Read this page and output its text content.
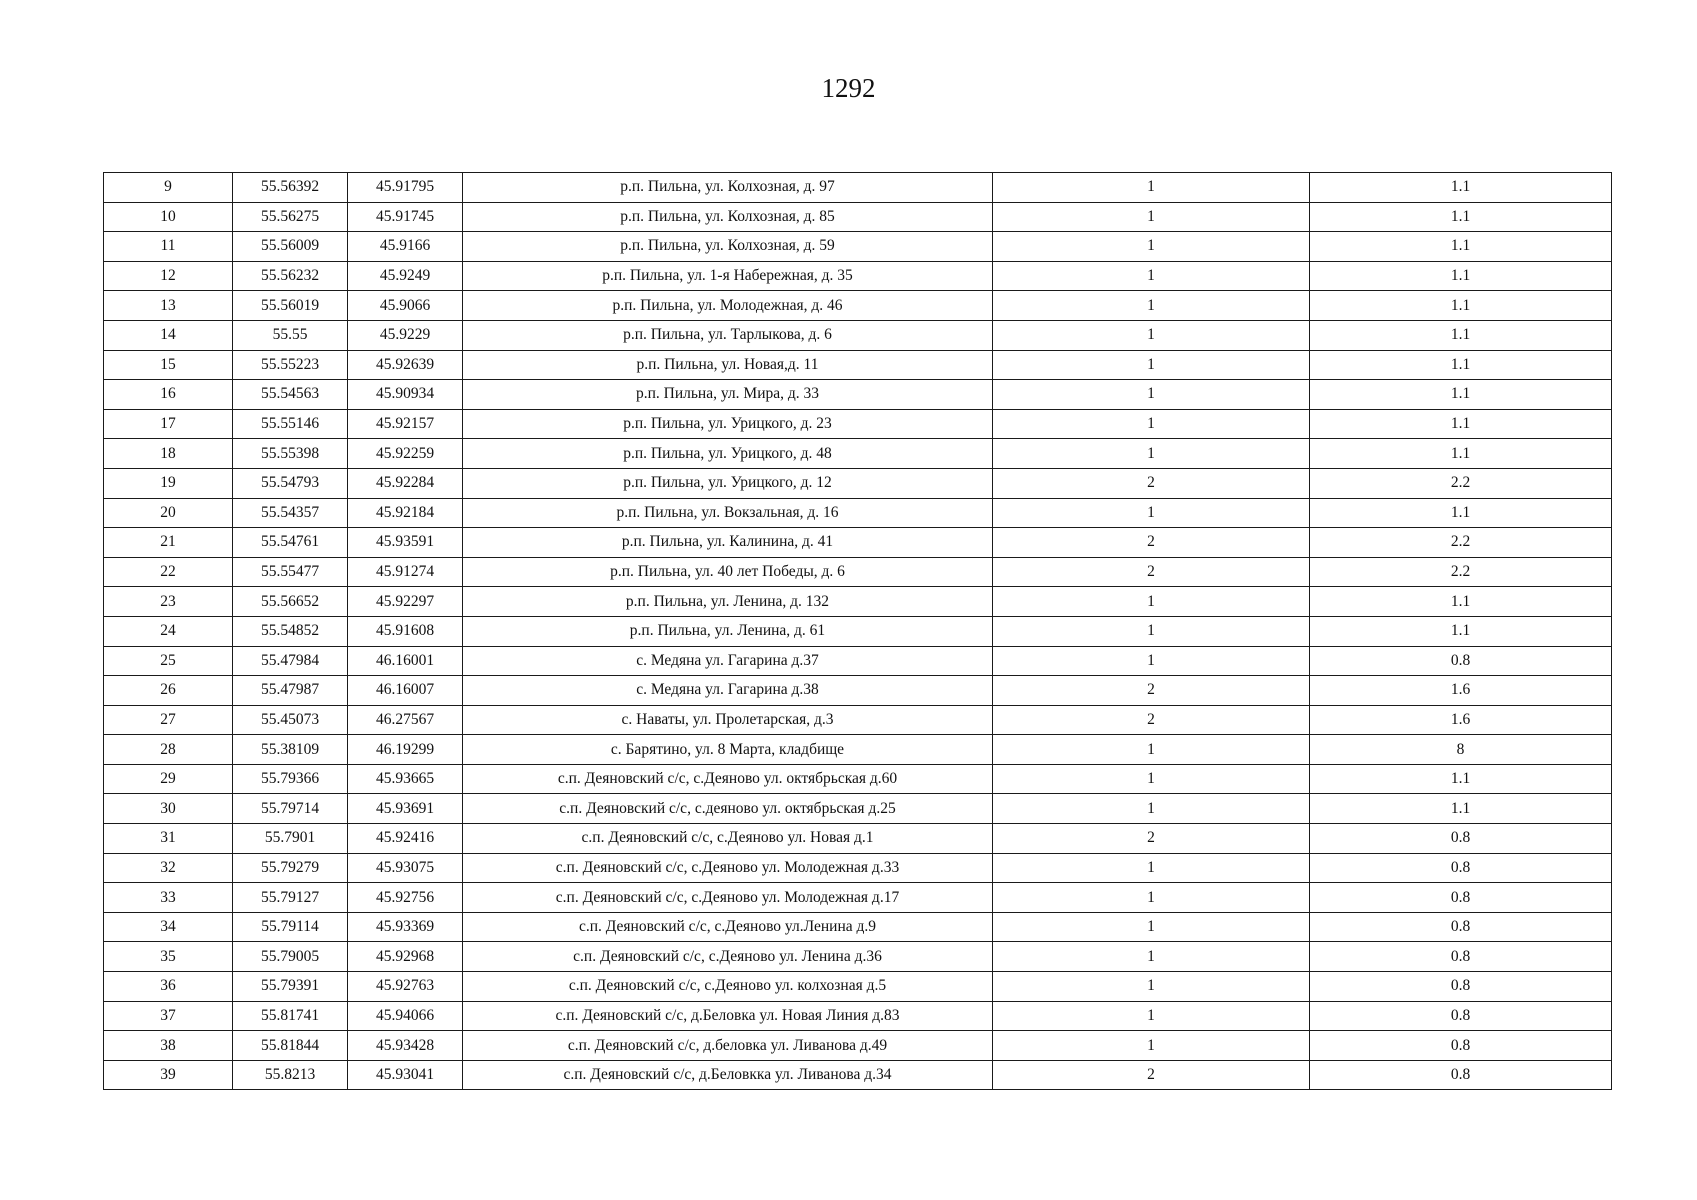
1292
9	55.56392	45.91795	р.п. Пильна, ул. Колхозная, д. 97	1	1.1
10	55.56275	45.91745	р.п. Пильна, ул. Колхозная, д. 85	1	1.1
11	55.56009	45.9166	р.п. Пильна, ул. Колхозная, д. 59	1	1.1
12	55.56232	45.9249	р.п. Пильна, ул. 1-я Набережная, д. 35	1	1.1
13	55.56019	45.9066	р.п. Пильна, ул. Молодежная, д. 46	1	1.1
14	55.55	45.9229	р.п. Пильна, ул. Тарлыкова, д. 6	1	1.1
15	55.55223	45.92639	р.п. Пильна, ул. Новая,д. 11	1	1.1
16	55.54563	45.90934	р.п. Пильна, ул. Мира, д. 33	1	1.1
17	55.55146	45.92157	р.п. Пильна, ул. Урицкого, д. 23	1	1.1
18	55.55398	45.92259	р.п. Пильна, ул. Урицкого, д. 48	1	1.1
19	55.54793	45.92284	р.п. Пильна, ул. Урицкого, д. 12	2	2.2
20	55.54357	45.92184	р.п. Пильна, ул. Вокзальная, д. 16	1	1.1
21	55.54761	45.93591	р.п. Пильна, ул. Калинина, д. 41	2	2.2
22	55.55477	45.91274	р.п. Пильна, ул. 40 лет Победы, д. 6	2	2.2
23	55.56652	45.92297	р.п. Пильна, ул. Ленина, д. 132	1	1.1
24	55.54852	45.91608	р.п. Пильна, ул. Ленина, д. 61	1	1.1
25	55.47984	46.16001	с. Медяна ул. Гагарина д.37	1	0.8
26	55.47987	46.16007	с. Медяна ул. Гагарина д.38	2	1.6
27	55.45073	46.27567	с. Наваты, ул. Пролетарская, д.3	2	1.6
28	55.38109	46.19299	с. Барятино, ул. 8 Марта, кладбище	1	8
29	55.79366	45.93665	с.п. Деяновский с/с, с.Деяново ул. октябрьская д.60	1	1.1
30	55.79714	45.93691	с.п. Деяновский с/с, с.деяново ул. октябрьская д.25	1	1.1
31	55.7901	45.92416	с.п. Деяновский с/с, с.Деяново ул. Новая д.1	2	0.8
32	55.79279	45.93075	с.п. Деяновский с/с, с.Деяново ул. Молодежная д.33	1	0.8
33	55.79127	45.92756	с.п. Деяновский с/с, с.Деяново ул. Молодежная д.17	1	0.8
34	55.79114	45.93369	с.п. Деяновский с/с, с.Деяново ул.Ленина д.9	1	0.8
35	55.79005	45.92968	с.п. Деяновский с/с, с.Деяново ул. Ленина д.36	1	0.8
36	55.79391	45.92763	с.п. Деяновский с/с, с.Деяново ул. колхозная д.5	1	0.8
37	55.81741	45.94066	с.п. Деяновский с/с, д.Беловка ул. Новая Линия д.83	1	0.8
38	55.81844	45.93428	с.п. Деяновский с/с, д.беловка ул. Ливанова д.49	1	0.8
39	55.8213	45.93041	с.п. Деяновский с/с, д.Беловкка ул. Ливанова д.34	2	0.8
